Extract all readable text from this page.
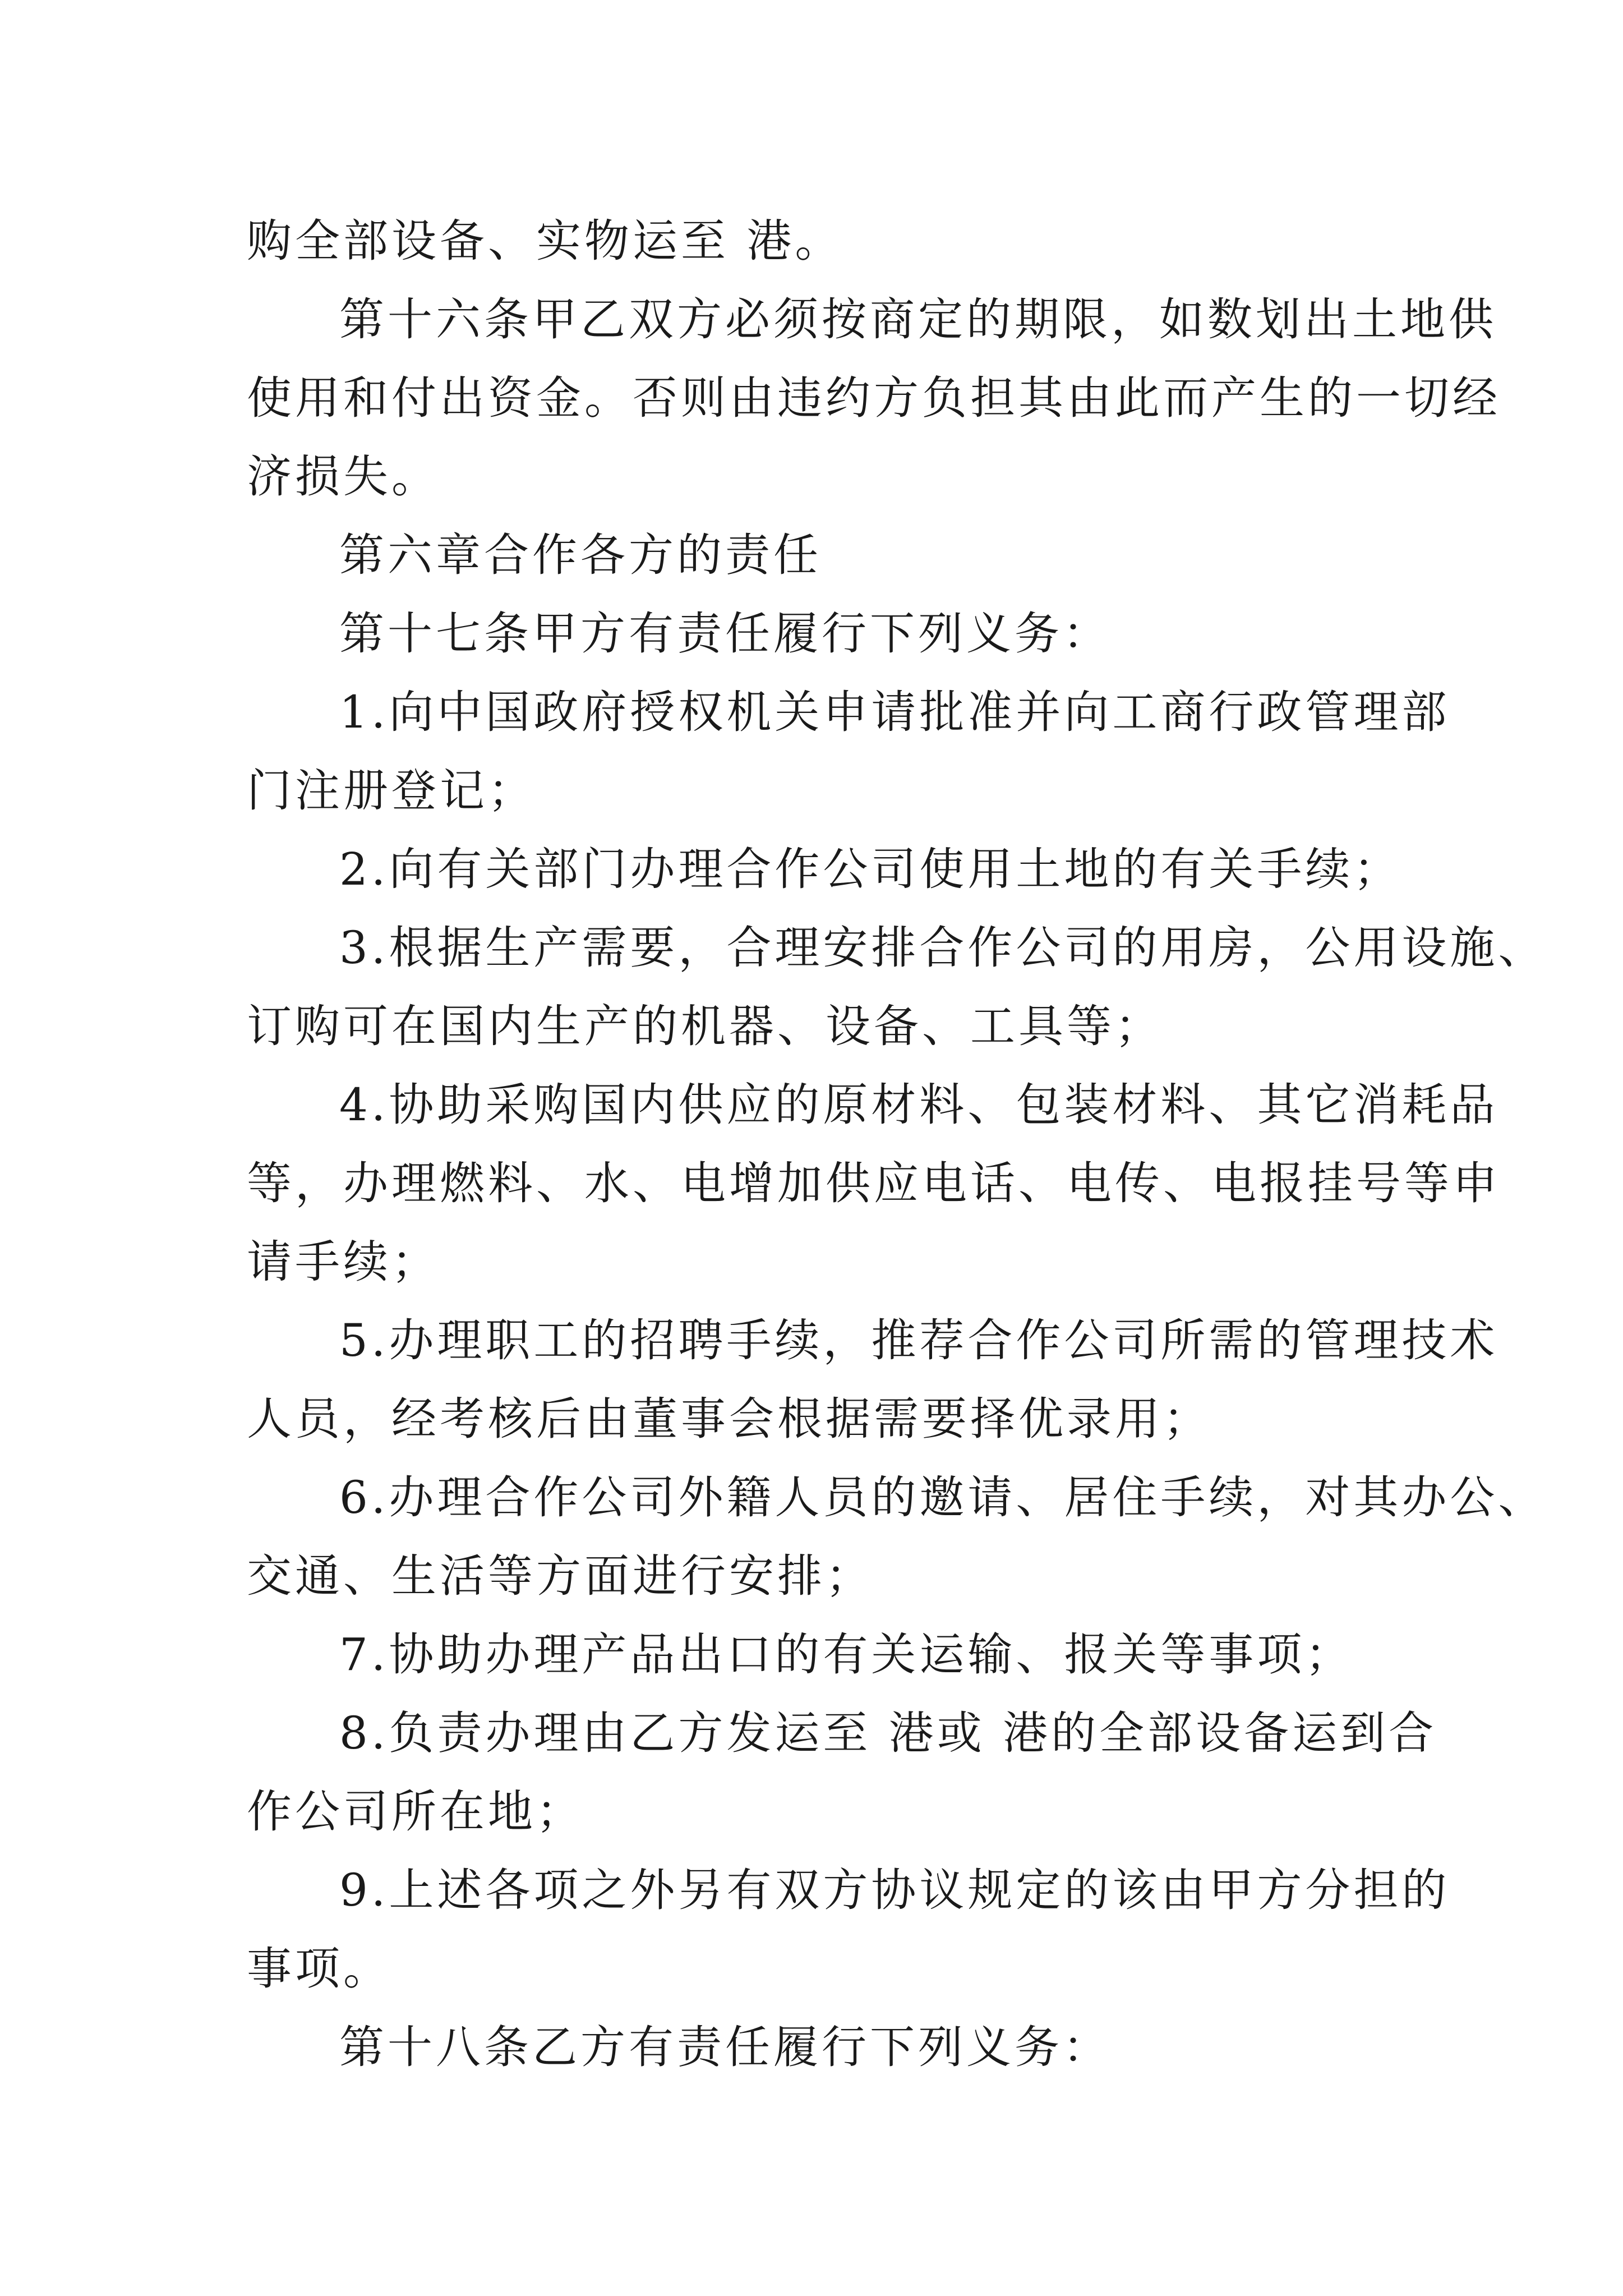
购全部设备、实物运至 港。
第十六条甲乙双方必须按商定的期限，如数划出土地供
使用和付出资金。否则由违约方负担其由此而产生的一切经
济损失。
第六章合作各方的责任
第十七条甲方有责任履行下列义务：
1.向中国政府授权机关申请批准并向工商行政管理部
门注册登记；
2.向有关部门办理合作公司使用土地的有关手续；
3.根据生产需要，合理安排合作公司的用房，公用设施、
订购可在国内生产的机器、设备、工具等；
4.协助采购国内供应的原材料、包装材料、其它消耗品
等，办理燃料、水、电增加供应电话、电传、电报挂号等申
请手续；
5.办理职工的招聘手续，推荐合作公司所需的管理技术
人员，经考核后由董事会根据需要择优录用；
6.办理合作公司外籍人员的邀请、居住手续，对其办公、
交通、生活等方面进行安排；
7.协助办理产品出口的有关运输、报关等事项；
8.负责办理由乙方发运至 港或 港的全部设备运到合
作公司所在地；
9.上述各项之外另有双方协议规定的该由甲方分担的
事项。
第十八条乙方有责任履行下列义务：
